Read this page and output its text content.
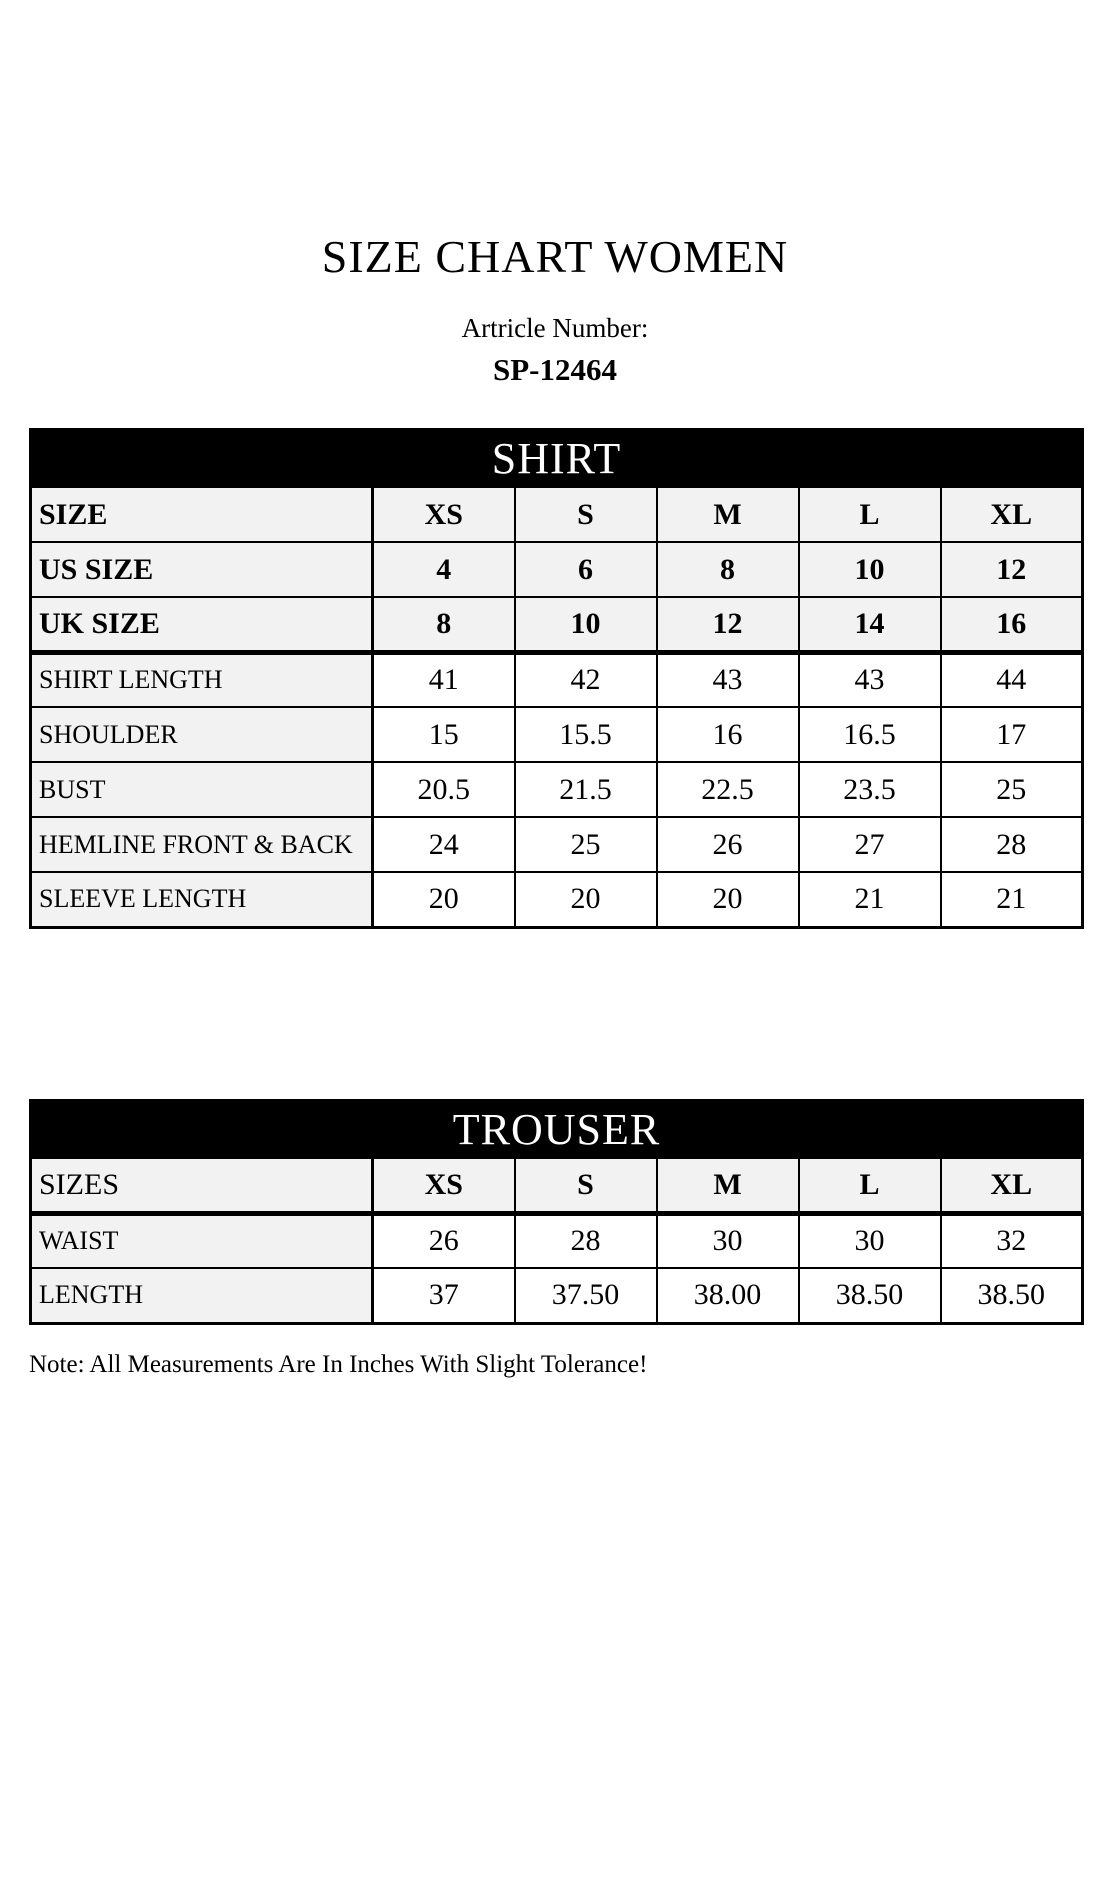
SIZE CHART WOMEN
Artricle Number:
SP-12464
SHIRT					
SIZE	XS	S	M	L	XL
US SIZE	4	6	8	10	12
UK SIZE	8	10	12	14	16
SHIRT LENGTH	41	42	43	43	44
SHOULDER	15	15.5	16	16.5	17
BUST	20.5	21.5	22.5	23.5	25
HEMLINE FRONT & BACK	24	25	26	27	28
SLEEVE LENGTH	20	20	20	21	21
TROUSER					
SIZES	XS	S	M	L	XL
WAIST	26	28	30	30	32
LENGTH	37	37.50	38.00	38.50	38.50
Note: All Measurements Are In Inches With Slight Tolerance!
